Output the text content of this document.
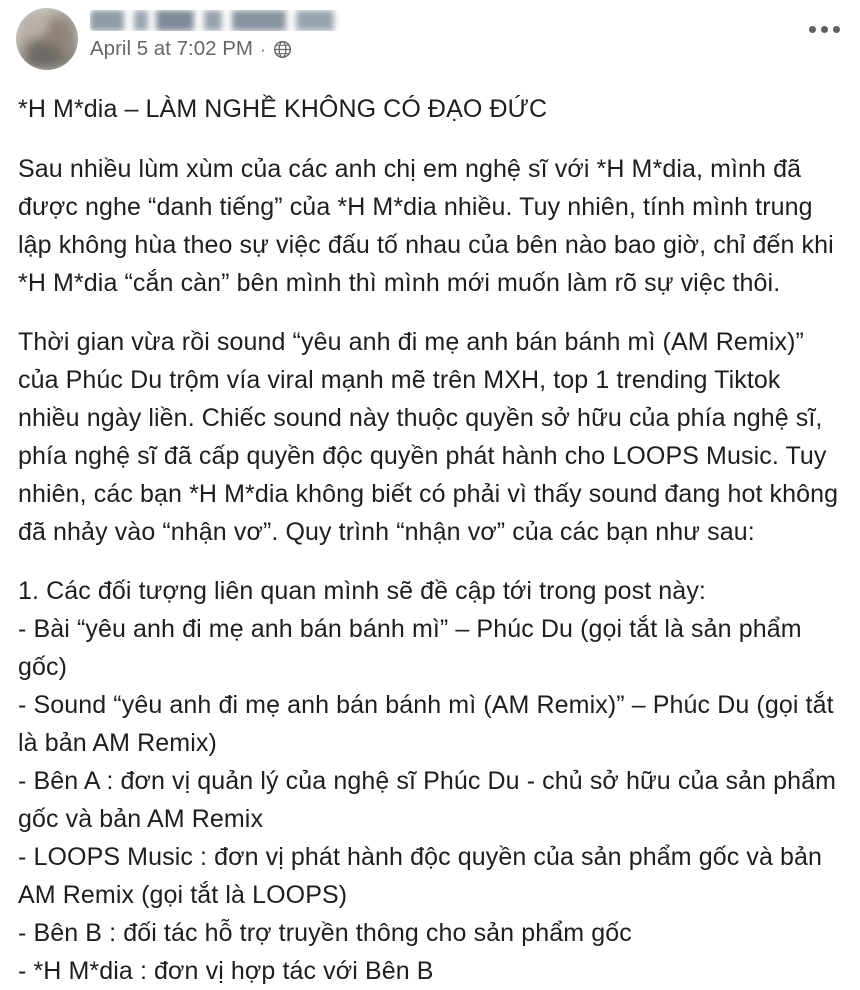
April 5 at 7:02 PM ·

*H M*dia – LÀM NGHỀ KHÔNG CÓ ĐẠO ĐỨC

Sau nhiều lùm xùm của các anh chị em nghệ sĩ với *H M*dia, mình đã được nghe “danh tiếng” của *H M*dia nhiều. Tuy nhiên, tính mình trung lập không hùa theo sự việc đấu tố nhau của bên nào bao giờ, chỉ đến khi *H M*dia “cắn càn” bên mình thì mình mới muốn làm rõ sự việc thôi.

Thời gian vừa rồi sound “yêu anh đi mẹ anh bán bánh mì (AM Remix)” của Phúc Du trộm vía viral mạnh mẽ trên MXH, top 1 trending Tiktok nhiều ngày liền. Chiếc sound này thuộc quyền sở hữu của phía nghệ sĩ, phía nghệ sĩ đã cấp quyền độc quyền phát hành cho LOOPS Music. Tuy nhiên, các bạn *H M*dia không biết có phải vì thấy sound đang hot không đã nhảy vào “nhận vơ”. Quy trình “nhận vơ” của các bạn như sau:

1. Các đối tượng liên quan mình sẽ đề cập tới trong post này:

- Bài “yêu anh đi mẹ anh bán bánh mì” – Phúc Du (gọi tắt là sản phẩm gốc)

- Sound “yêu anh đi mẹ anh bán bánh mì (AM Remix)” – Phúc Du (gọi tắt là bản AM Remix)

- Bên A : đơn vị quản lý của nghệ sĩ Phúc Du - chủ sở hữu của sản phẩm gốc và bản AM Remix

- LOOPS Music : đơn vị phát hành độc quyền của sản phẩm gốc và bản AM Remix (gọi tắt là LOOPS)

- Bên B : đối tác hỗ trợ truyền thông cho sản phẩm gốc

- *H M*dia : đơn vị hợp tác với Bên B
